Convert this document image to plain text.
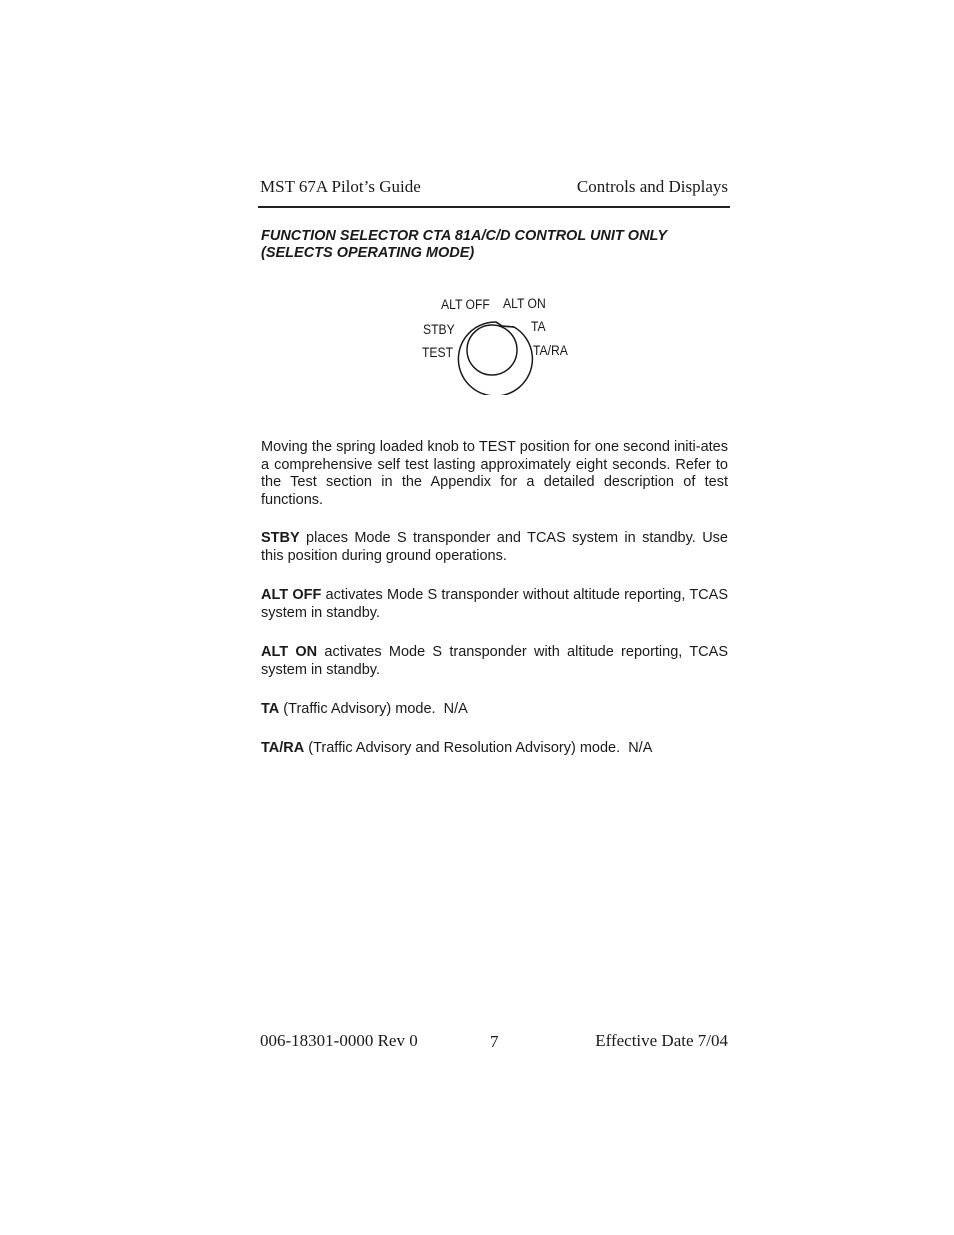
MST 67A Pilot’s Guide	Controls and Displays
FUNCTION SELECTOR CTA 81A/C/D CONTROL UNIT ONLY
(SELECTS OPERATING MODE)
ALT OFF ALT ON
STBY	TA
TEST	TA/RA
Moving the spring loaded knob to TEST position for one second initi-ates a comprehensive self test lasting approximately eight seconds. Refer to the Test section in the Appendix for a detailed description of test functions.
STBY places Mode S transponder and TCAS system in standby. Use this position during ground operations.
ALT OFF activates Mode S transponder without altitude reporting, TCAS system in standby.
ALT ON activates Mode S transponder with altitude reporting, TCAS system in standby.
TA (Traffic Advisory) mode.  N/A
TA/RA (Traffic Advisory and Resolution Advisory) mode.  N/A
006-18301-0000 Rev 0	7	Effective Date 7/04
